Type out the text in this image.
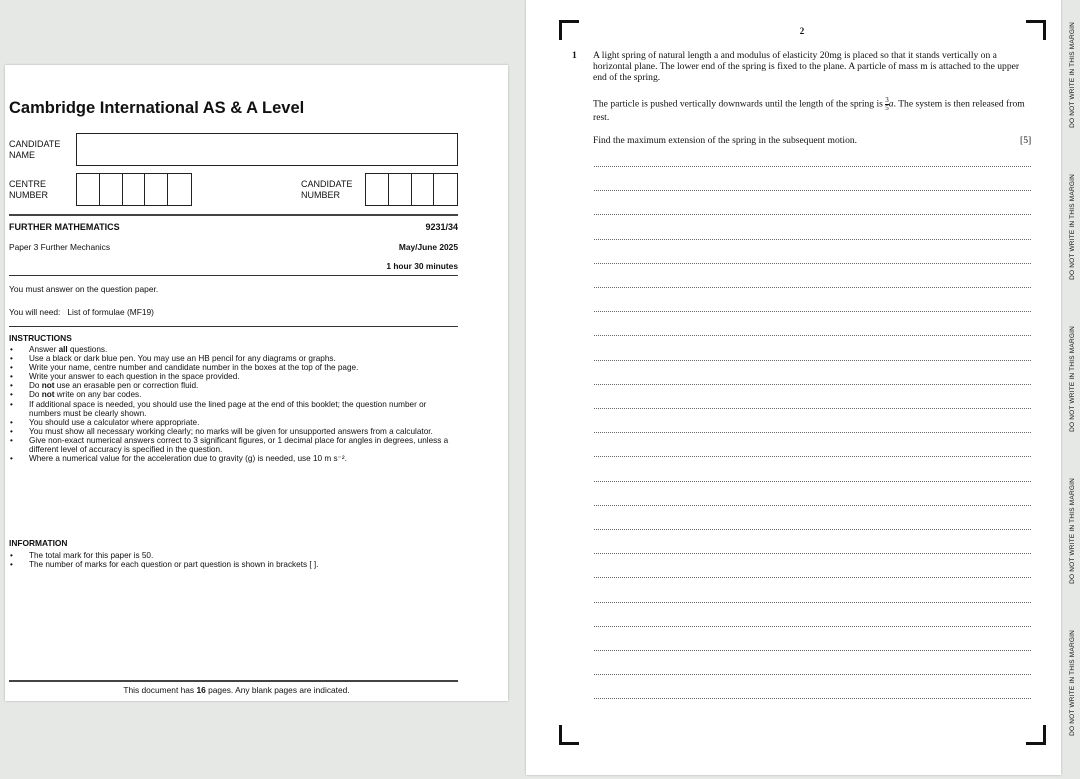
Cambridge International AS & A Level
CANDIDATE
NAME
CENTRE
NUMBER
CANDIDATE
NUMBER
FURTHER MATHEMATICS	9231/34
Paper 3 Further Mechanics	May/June 2025
1 hour 30 minutes
You must answer on the question paper.
You will need: List of formulae (MF19)
INSTRUCTIONS
• Answer all questions.
• Use a black or dark blue pen. You may use an HB pencil for any diagrams or graphs.
• Write your name, centre number and candidate number in the boxes at the top of the page.
• Write your answer to each question in the space provided.
• Do not use an erasable pen or correction fluid.
• Do not write on any bar codes.
• If additional space is needed, you should use the lined page at the end of this booklet; the question number or numbers must be clearly shown.
• You should use a calculator where appropriate.
• You must show all necessary working clearly; no marks will be given for unsupported answers from a calculator.
• Give non-exact numerical answers correct to 3 significant figures, or 1 decimal place for angles in degrees, unless a different level of accuracy is specified in the question.
• Where a numerical value for the acceleration due to gravity (g) is needed, use 10 m s⁻².
INFORMATION
• The total mark for this paper is 50.
• The number of marks for each question or part question is shown in brackets [ ].
This document has 16 pages. Any blank pages are indicated.
2
1 A light spring of natural length a and modulus of elasticity 20mg is placed so that it stands vertically on a horizontal plane. The lower end of the spring is fixed to the plane. A particle of mass m is attached to the upper end of the spring.
The particle is pushed vertically downwards until the length of the spring is $\frac{3}{5} a$. The system is then released from rest.
Find the maximum extension of the spring in the subsequent motion.	[5]
DO NOT WRITE IN THIS MARGIN
DO NOT WRITE IN THIS MARGIN
DO NOT WRITE IN THIS MARGIN
DO NOT WRITE IN THIS MARGIN
DO NOT WRITE IN THIS MARGIN
